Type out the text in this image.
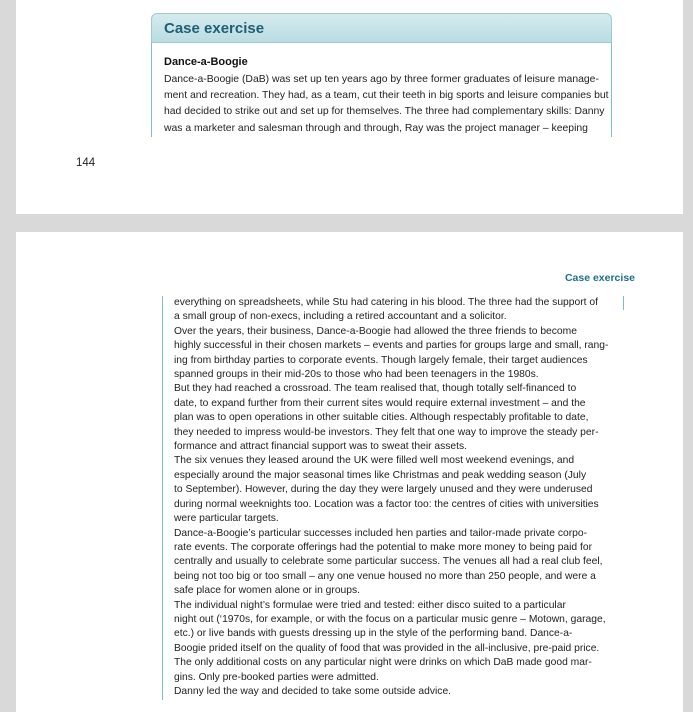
Case exercise
Dance-a-Boogie
Dance-a-Boogie (DaB) was set up ten years ago by three former graduates of leisure manage-
ment and recreation. They had, as a team, cut their teeth in big sports and leisure companies but
had decided to strike out and set up for themselves. The three had complementary skills: Danny
was a marketer and salesman through and through, Ray was the project manager – keeping
144
Case exercise
everything on spreadsheets, while Stu had catering in his blood. The three had the support of
a small group of non-execs, including a retired accountant and a solicitor.
Over the years, their business, Dance-a-Boogie had allowed the three friends to become
highly successful in their chosen markets – events and parties for groups large and small, rang-
ing from birthday parties to corporate events. Though largely female, their target audiences
spanned groups in their mid-20s to those who had been teenagers in the 1980s.
But they had reached a crossroad. The team realised that, though totally self-financed to
date, to expand further from their current sites would require external investment – and the
plan was to open operations in other suitable cities. Although respectably profitable to date,
they needed to impress would-be investors. They felt that one way to improve the steady per-
formance and attract financial support was to sweat their assets.
The six venues they leased around the UK were filled well most weekend evenings, and
especially around the major seasonal times like Christmas and peak wedding season (July
to September). However, during the day they were largely unused and they were underused
during normal weeknights too. Location was a factor too: the centres of cities with universities
were particular targets.
Dance-a-Boogie’s particular successes included hen parties and tailor-made private corpo-
rate events. The corporate offerings had the potential to make more money to being paid for
centrally and usually to celebrate some particular success. The venues all had a real club feel,
being not too big or too small – any one venue housed no more than 250 people, and were a
safe place for women alone or in groups.
The individual night’s formulae were tried and tested: either disco suited to a particular
night out (‘1970s, for example, or with the focus on a particular music genre – Motown, garage,
etc.) or live bands with guests dressing up in the style of the performing band. Dance-a-
Boogie prided itself on the quality of food that was provided in the all-inclusive, pre-paid price.
The only additional costs on any particular night were drinks on which DaB made good mar-
gins. Only pre-booked parties were admitted.
Danny led the way and decided to take some outside advice.
